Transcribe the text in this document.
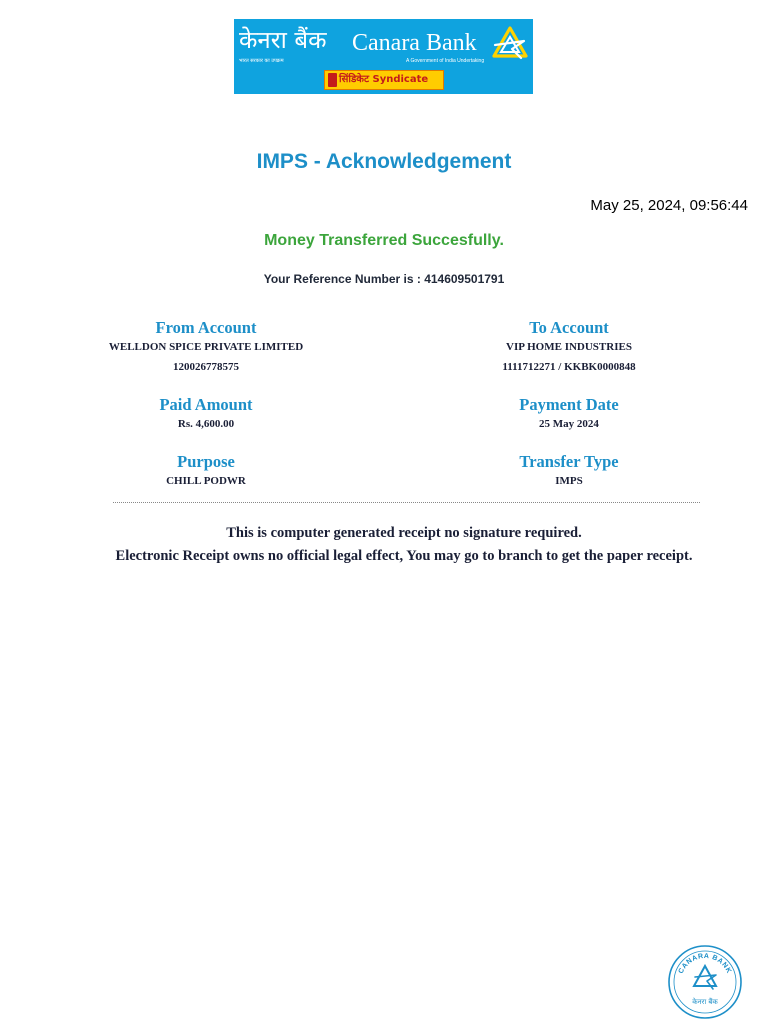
केनरा बैंक
भारत सरकार का उपक्रम
Canara Bank
A Government of India Undertaking
सिंडिकेट Syndicate
IMPS - Acknowledgement
May 25, 2024, 09:56:44
Money Transferred Succesfully.
Your Reference Number is : 414609501791
From Account
WELLDON SPICE PRIVATE LIMITED
120026778575
Paid Amount
Rs. 4,600.00
Purpose
CHILL PODWR
To Account
VIP HOME INDUSTRIES
1111712271 / KKBK0000848
Payment Date
25 May 2024
Transfer Type
IMPS
This is computer generated receipt no signature required.
Electronic Receipt owns no official legal effect, You may go to branch to get the paper receipt.
CANARA BANK
केनरा बैंक
